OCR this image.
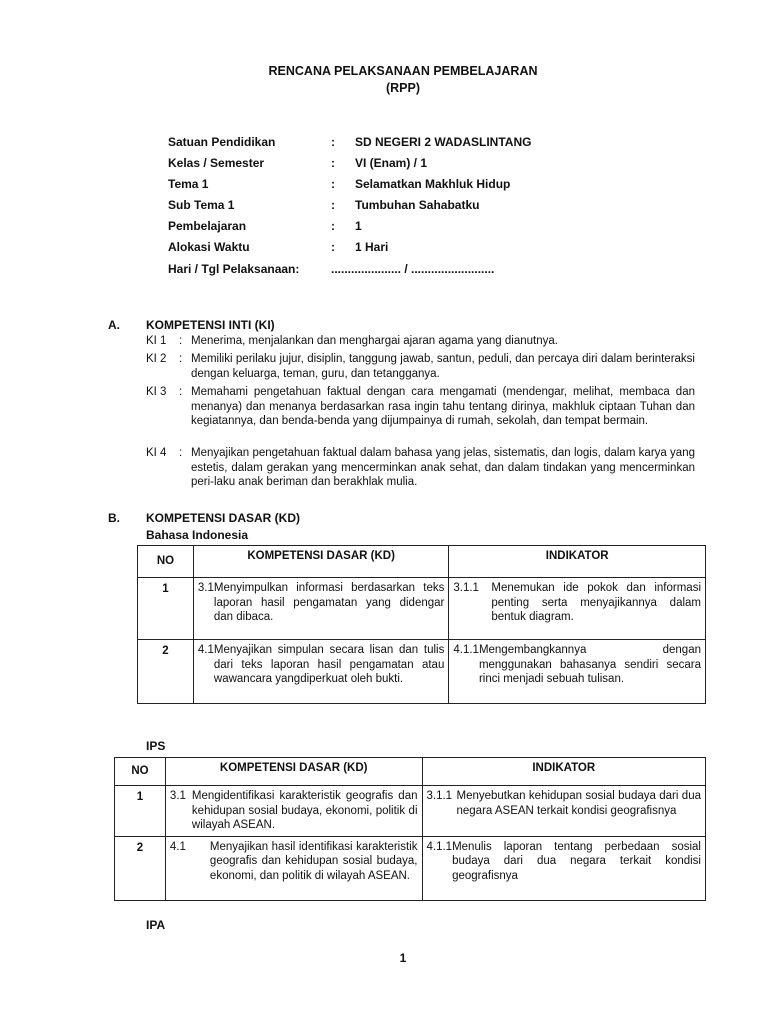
RENCANA PELAKSANAAN PEMBELAJARAN
(RPP)
Satuan Pendidikan	: SD NEGERI 2 WADASLINTANG
Kelas / Semester	: VI (Enam) / 1
Tema 1	: Selamatkan Makhluk Hidup
Sub Tema 1	: Tumbuhan Sahabatku
Pembelajaran	: 1
Alokasi Waktu	: 1 Hari
Hari / Tgl Pelaksanaan:	..................... / .........................
A. KOMPETENSI INTI (KI)
KI 1 : Menerima, menjalankan dan menghargai ajaran agama yang dianutnya.
KI 2 : Memiliki perilaku jujur, disiplin, tanggung jawab, santun, peduli, dan percaya diri dalam berinteraksi dengan keluarga, teman, guru, dan tetangganya.
KI 3 : Memahami pengetahuan faktual dengan cara mengamati (mendengar, melihat, membaca dan menanya) dan menanya berdasarkan rasa ingin tahu tentang dirinya, makhluk ciptaan Tuhan dan kegiatannya, dan benda-benda yang dijumpainya di rumah, sekolah, dan tempat bermain.
KI 4 : Menyajikan pengetahuan faktual dalam bahasa yang jelas, sistematis, dan logis, dalam karya yang estetis, dalam gerakan yang mencerminkan anak sehat, dan dalam tindakan yang mencerminkan peri-laku anak beriman dan berakhlak mulia.
B. KOMPETENSI DASAR (KD)
Bahasa Indonesia
NO	KOMPETENSI DASAR (KD)	INDIKATOR
1	3.1 Menyimpulkan informasi berdasarkan teks laporan hasil pengamatan yang didengar dan dibaca.	3.1.1 Menemukan ide pokok dan informasi penting serta menyajikannya dalam bentuk diagram.

2	4.1 Menyajikan simpulan secara lisan dan tulis dari teks laporan hasil pengamatan atau wawancara yangdiperkuat oleh bukti.	4.1.1 Mengembangkannya dengan menggunakan bahasanya sendiri secara rinci menjadi sebuah tulisan.
IPS
NO	KOMPETENSI DASAR (KD)	INDIKATOR
1	3.1 Mengidentifikasi karakteristik geografis dan kehidupan sosial budaya, ekonomi, politik di wilayah ASEAN.	3.1.1 Menyebutkan kehidupan sosial budaya dari dua negara ASEAN terkait kondisi geografisnya

2	4.1 Menyajikan hasil identifikasi karakteristik geografis dan kehidupan sosial budaya, ekonomi, dan politik di wilayah ASEAN.	4.1.1 Menulis laporan tentang perbedaan sosial budaya dari dua negara terkait kondisi geografisnya
IPA
1
